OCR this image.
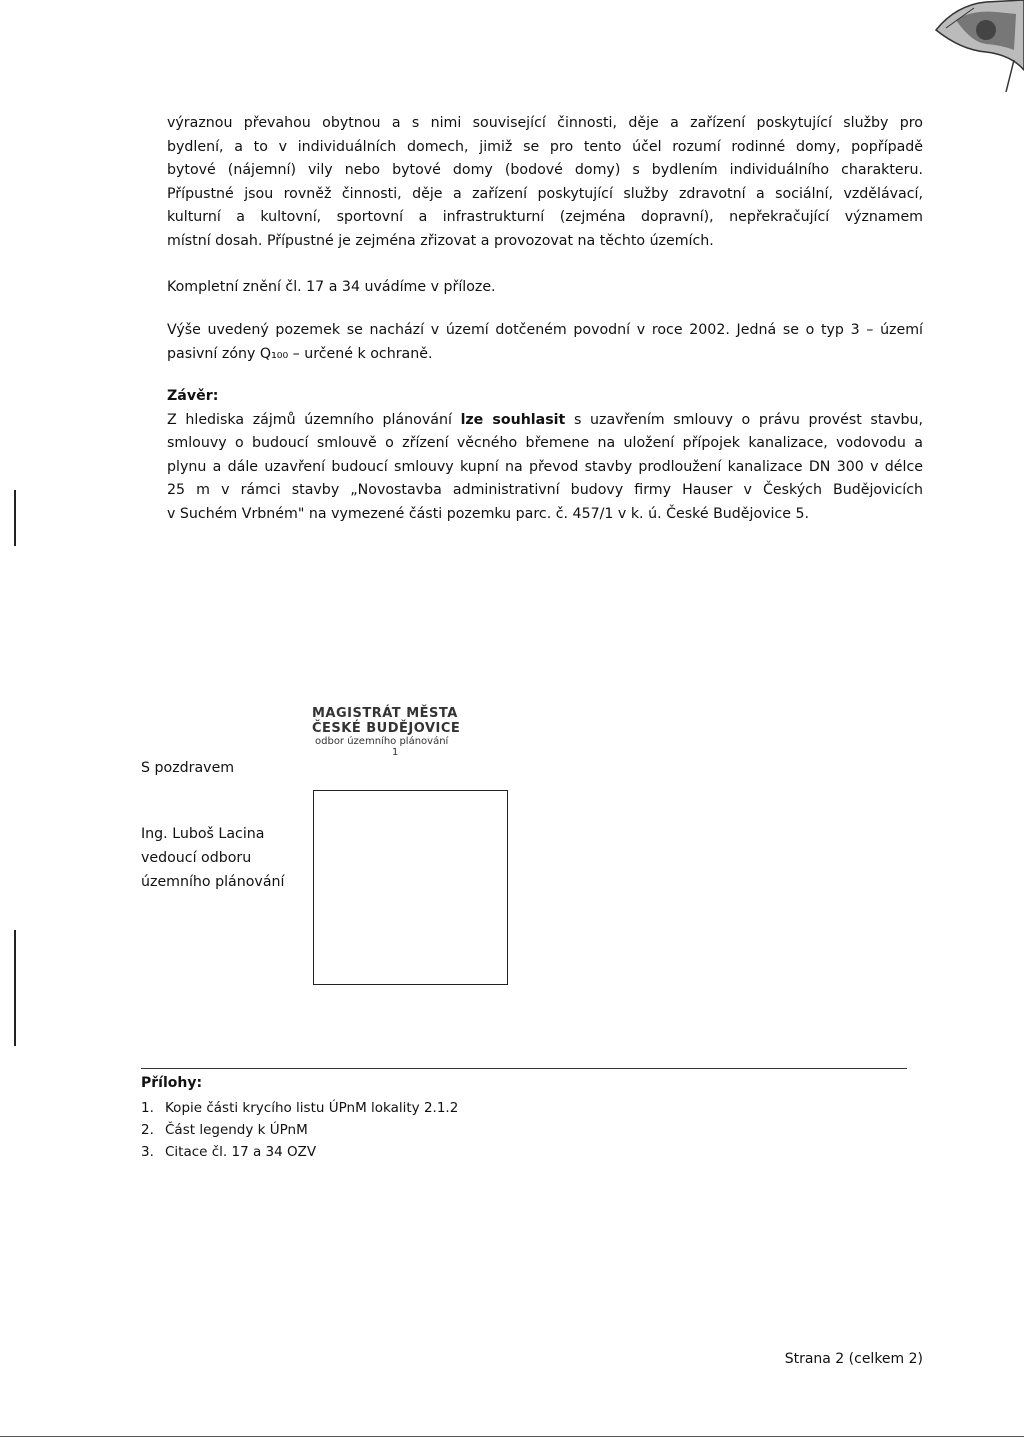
výraznou převahou obytnou a s nimi související činnosti, děje a zařízení poskytující služby pro
bydlení, a to v individuálních domech, jimiž se pro tento účel rozumí rodinné domy, popřípadě
bytové (nájemní) vily nebo bytové domy (bodové domy) s bydlením individuálního charakteru.
Přípustné jsou rovněž činnosti, děje a zařízení poskytující služby zdravotní a sociální, vzdělávací,
kulturní a kultovní, sportovní a infrastrukturní (zejména dopravní), nepřekračující významem
místní dosah. Přípustné je zejména zřizovat a provozovat na těchto územích.
Kompletní znění čl. 17 a 34 uvádíme v příloze.
Výše uvedený pozemek se nachází v území dotčeném povodní v roce 2002. Jedná se o typ 3 – území
pasivní zóny Q₁₀₀ – určené k ochraně.
Závěr:
Z hlediska zájmů územního plánování lze souhlasit s uzavřením smlouvy o právu provést stavbu,
smlouvy o budoucí smlouvě o zřízení věcného břemene na uložení přípojek kanalizace, vodovodu a
plynu a dále uzavření budoucí smlouvy kupní na převod stavby prodloužení kanalizace DN 300 v délce
25 m v rámci stavby „Novostavba administrativní budovy firmy Hauser v Českých Budějovicích
v Suchém Vrbném" na vymezené části pozemku parc. č. 457/1 v k. ú. České Budějovice 5.
MAGISTRÁT MĚSTA
ČESKÉ BUDĚJOVICE
odbor územního plánování
1

S pozdravem

Ing. Luboš Lacina

vedoucí odboru

územního plánování

Přílohy:
1. Kopie části krycího listu ÚPnM lokality 2.1.2
2. Část legendy k ÚPnM
3. Citace čl. 17 a 34 OZV
Strana 2 (celkem 2)
